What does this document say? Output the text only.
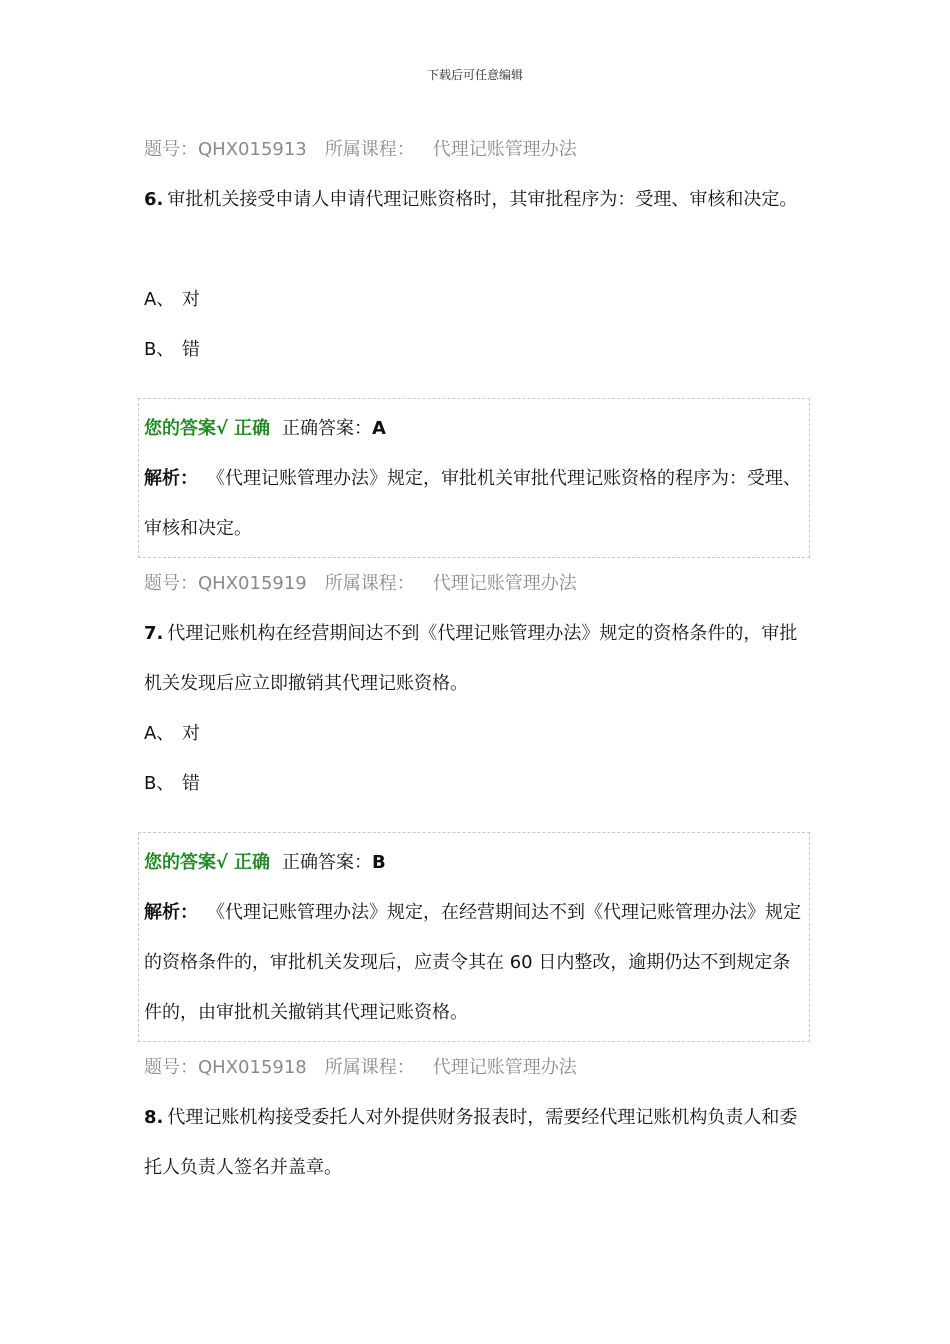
下载后可任意编辑
题号：QHX015913 所属课程： 代理记账管理办法
6. 审批机关接受申请人申请代理记账资格时，其审批程序为：受理、审核和决定。
A、 对
B、 错
您的答案√ 正确 正确答案：A
解析： 《代理记账管理办法》规定，审批机关审批代理记账资格的程序为：受理、审核和决定。
题号：QHX015919 所属课程： 代理记账管理办法
7. 代理记账机构在经营期间达不到《代理记账管理办法》规定的资格条件的，审批机关发现后应立即撤销其代理记账资格。
A、 对
B、 错
您的答案√ 正确 正确答案：B
解析： 《代理记账管理办法》规定，在经营期间达不到《代理记账管理办法》规定的资格条件的，审批机关发现后，应责令其在 60 日内整改，逾期仍达不到规定条件的，由审批机关撤销其代理记账资格。
题号：QHX015918 所属课程： 代理记账管理办法
8. 代理记账机构接受委托人对外提供财务报表时，需要经代理记账机构负责人和委托人负责人签名并盖章。
